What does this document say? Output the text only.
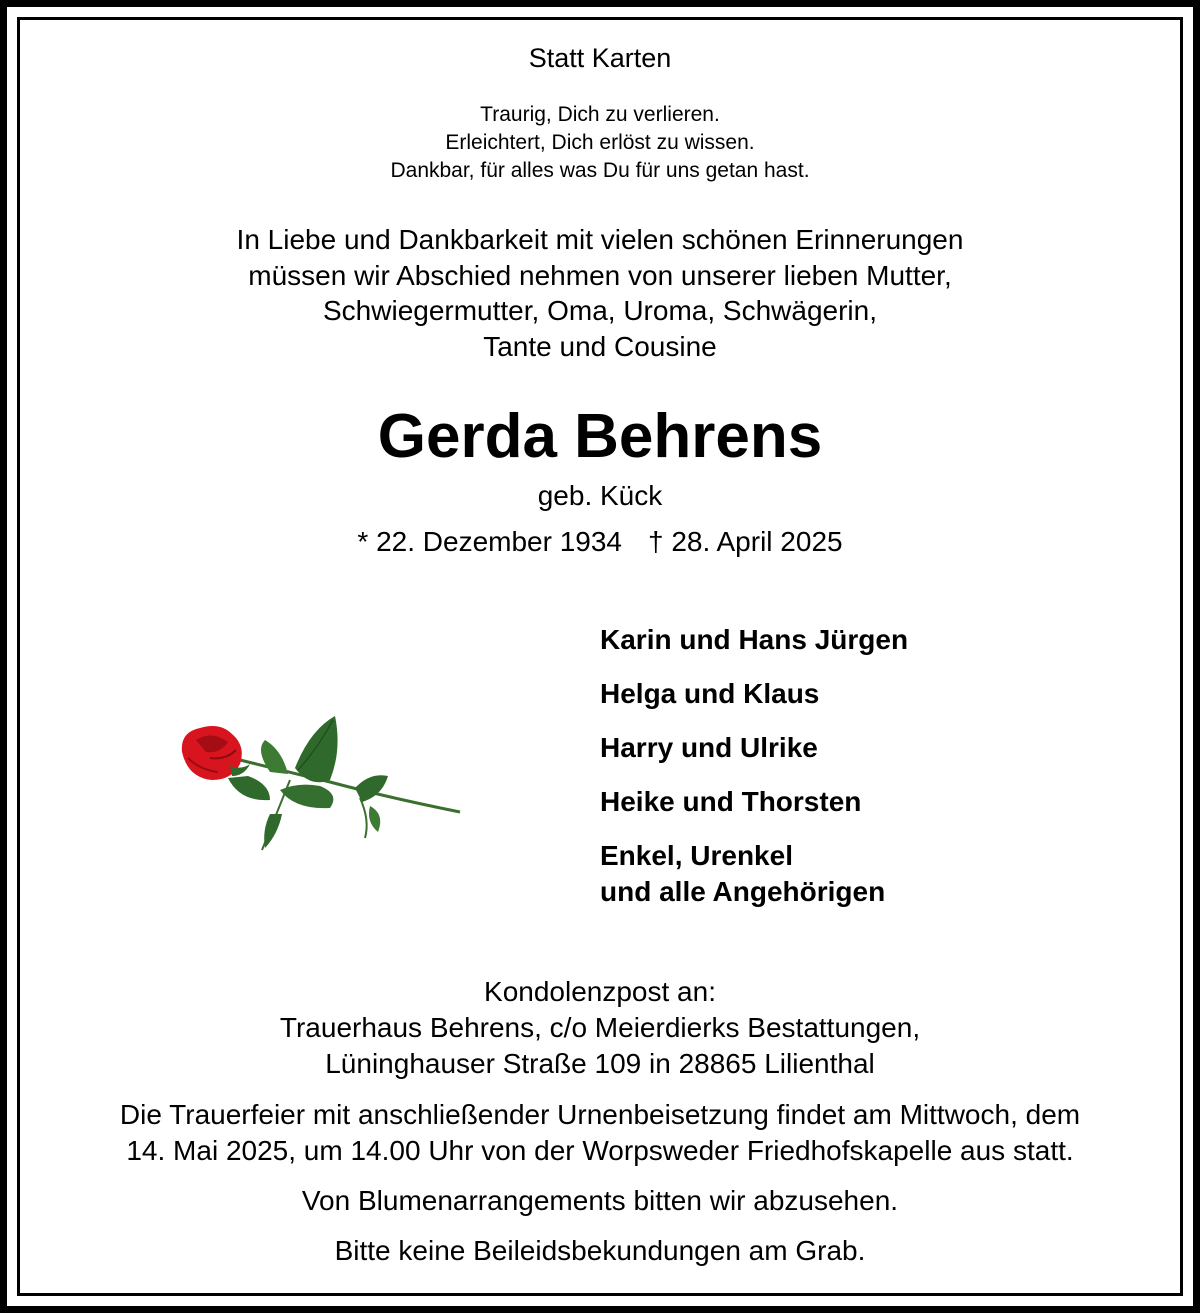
Statt Karten
Traurig, Dich zu verlieren.
Erleichtert, Dich erlöst zu wissen.
Dankbar, für alles was Du für uns getan hast.
In Liebe und Dankbarkeit mit vielen schönen Erinnerungen
müssen wir Abschied nehmen von unserer lieben Mutter,
Schwiegermutter, Oma, Uroma, Schwägerin,
Tante und Cousine
Gerda Behrens
geb. Kück
* 22. Dezember 1934 † 28. April 2025
Karin und Hans Jürgen
Helga und Klaus
Harry und Ulrike
Heike und Thorsten
Enkel, Urenkel
und alle Angehörigen
Kondolenzpost an:
Trauerhaus Behrens, c/o Meierdierks Bestattungen,
Lüninghauser Straße 109 in 28865 Lilienthal
Die Trauerfeier mit anschließender Urnenbeisetzung findet am Mittwoch, dem
14. Mai 2025, um 14.00 Uhr von der Worpsweder Friedhofskapelle aus statt.
Von Blumenarrangements bitten wir abzusehen.
Bitte keine Beileidsbekundungen am Grab.
